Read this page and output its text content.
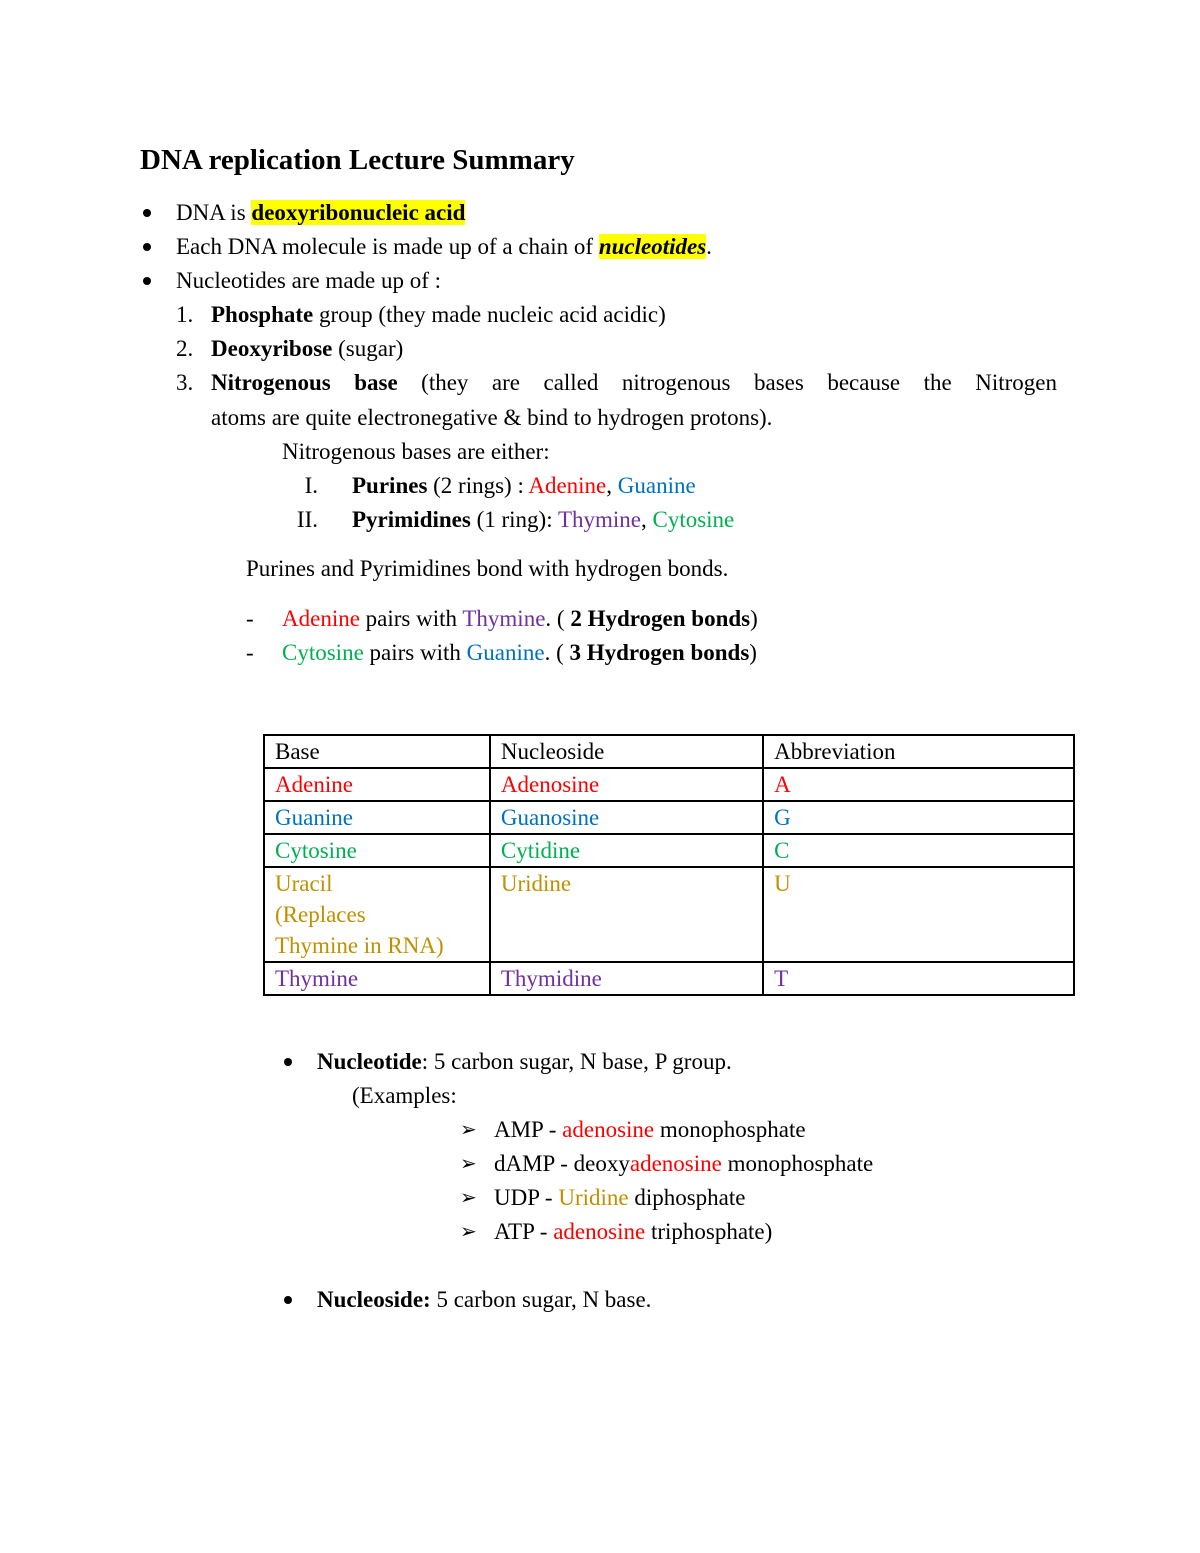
DNA replication Lecture Summary
DNA is deoxyribonucleic acid
Each DNA molecule is made up of a chain of nucleotides.
Nucleotides are made up of :
1. Phosphate group (they made nucleic acid acidic)
2. Deoxyribose (sugar)
3. Nitrogenous base (they are called nitrogenous bases because the Nitrogen
atoms are quite electronegative & bind to hydrogen protons).
Nitrogenous bases are either:
I. Purines (2 rings) : Adenine, Guanine
II. Pyrimidines (1 ring): Thymine, Cytosine
Purines and Pyrimidines bond with hydrogen bonds.
- Adenine pairs with Thymine. ( 2 Hydrogen bonds)
- Cytosine pairs with Guanine. ( 3 Hydrogen bonds)
Base	Nucleoside	Abbreviation
Adenine	Adenosine	A
Guanine	Guanosine	G
Cytosine	Cytidine	C

Uracil
(Replaces
Thymine in RNA)	Uridine	U
Thymine	Thymidine	T
Nucleotide: 5 carbon sugar, N base, P group.
(Examples:
➢ AMP - adenosine monophosphate
➢ dAMP - deoxyadenosine monophosphate
➢ UDP - Uridine diphosphate
➢ ATP - adenosine triphosphate)
Nucleoside: 5 carbon sugar, N base.
